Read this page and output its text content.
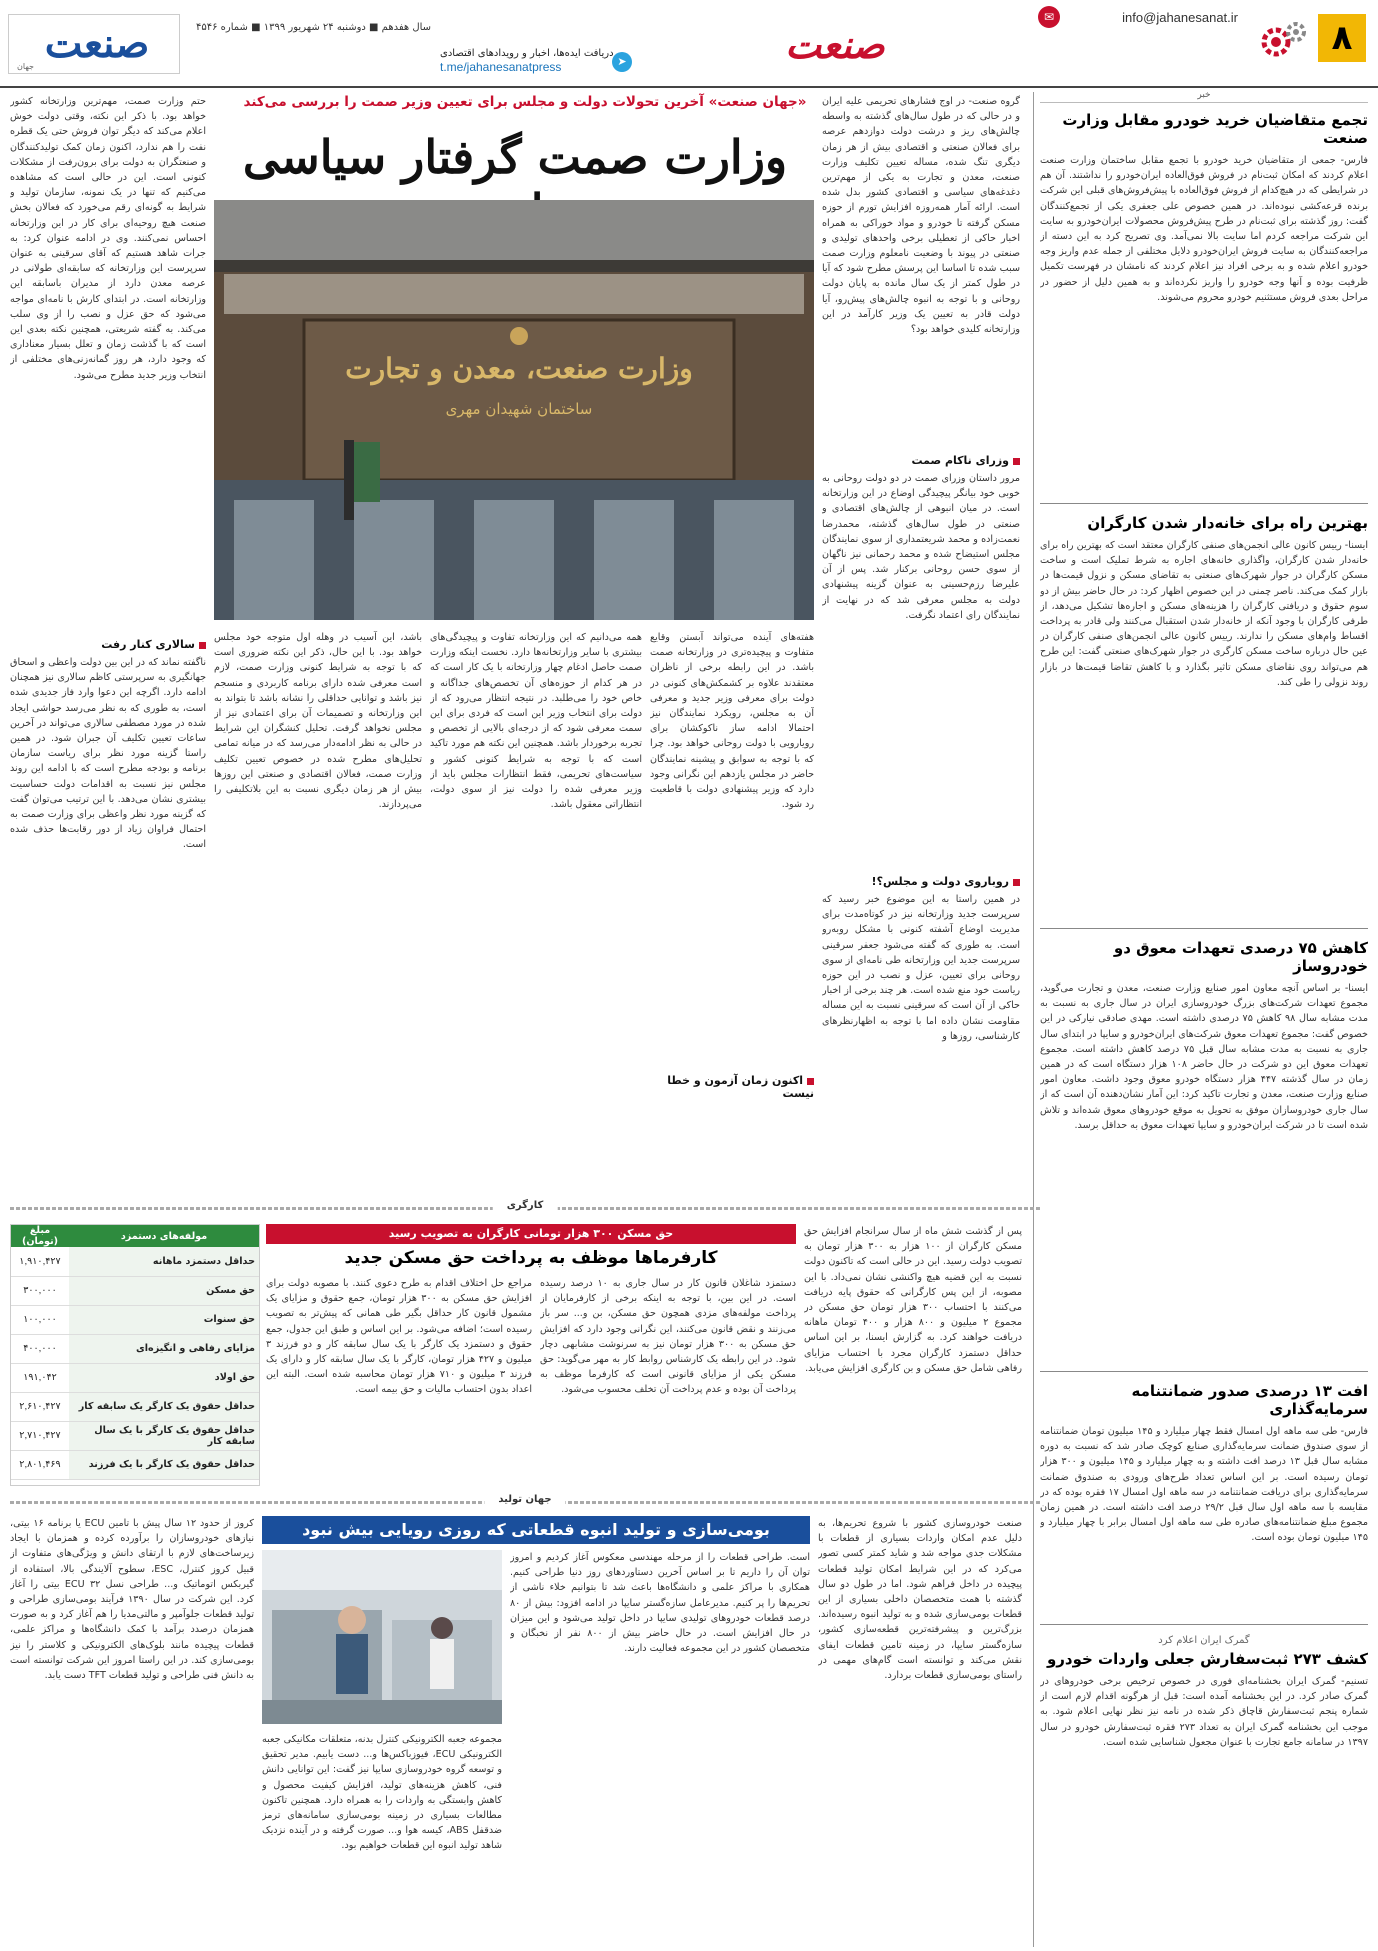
۸
✉	info@jahanesanat.ir
صنعت
➤
دریافت ایده‌ها، اخبار و رویدادهای اقتصادی
t.me/jahanesanatpress
سال هفدهم ■ دوشنبه ۲۴ شهریور ۱۳۹۹ ■ شماره ۴۵۴۶
صنعت
جهان
خبر
تجمع متقاضیان خرید خودرو مقابل وزارت صنعت
فارس- جمعی از متقاضیان خرید خودرو با تجمع مقابل ساختمان وزارت صنعت اعلام کردند که امکان ثبت‌نام در فروش فوق‌العاده ایران‌خودرو را نداشتند. آن هم در شرایطی که در هیچ‌کدام از فروش فوق‌العاده با پیش‌فروش‌های قبلی این شرکت برنده قرعه‌کشی نبوده‌اند. در همین خصوص علی جعفری یکی از تجمع‌کنندگان گفت: روز گذشته برای ثبت‌نام در طرح پیش‌فروش محصولات ایران‌خودرو به سایت این شرکت مراجعه کردم اما سایت بالا نمی‌آمد. وی تصریح کرد به این دسته از مراجعه‌کنندگان به سایت فروش ایران‌خودرو دلایل مختلفی از جمله عدم واریز وجه خودرو اعلام شده و به برخی افراد نیز اعلام کردند که نامشان در فهرست تکمیل ظرفیت بوده و آنها وجه خودرو را واریز نکرده‌اند و به همین دلیل از حضور در مراحل بعدی فروش مستثنیم خودرو محروم می‌شوند.
بهترین راه برای خانه‌دار شدن کارگران
ایسنا- رییس کانون عالی انجمن‌های صنفی کارگران معتقد است که بهترین راه برای خانه‌دار شدن کارگران، واگذاری خانه‌های اجاره به شرط تملیک است و ساخت مسکن کارگران در جوار شهرک‌های صنعتی به تقاضای مسکن و نزول قیمت‌ها در بازار کمک می‌کند. ناصر چمنی در این خصوص اظهار کرد: در حال حاضر بیش از دو سوم حقوق و دریافتی کارگران را هزینه‌های مسکن و اجاره‌ها تشکیل می‌دهد، از طرفی کارگران با وجود آنکه از خانه‌دار شدن استقبال می‌کنند ولی قادر به پرداخت اقساط وام‌های مسکن را ندارند. رییس کانون عالی انجمن‌های صنفی کارگران در عین حال درباره ساخت مسکن کارگری در جوار شهرک‌های صنعتی گفت: این طرح هم می‌تواند روی نقاضای مسکن تاثیر بگذارد و با کاهش تقاضا قیمت‌ها در بازار روند نزولی را طی کند.
کاهش ۷۵ درصدی تعهدات معوق دو خودروساز
ایسنا- بر اساس آنچه معاون امور صنایع وزارت صنعت، معدن و تجارت می‌گوید، مجموع تعهدات شرکت‌های بزرگ خودروسازی ایران در سال جاری به نسبت به مدت مشابه سال ۹۸ کاهش ۷۵ درصدی داشته است. مهدی صادقی نیارکی در این خصوص گفت: مجموع تعهدات معوق شرکت‌های ایران‌خودرو و سایپا در ابتدای سال جاری به نسبت به مدت مشابه سال قبل ۷۵ درصد کاهش داشته است. مجموع تعهدات معوق این دو شرکت در حال حاضر ۱۰۸ هزار دستگاه است که در همین زمان در سال گذشته ۴۴۷ هزار دستگاه خودرو معوق وجود داشت. معاون امور صنایع وزارت صنعت، معدن و تجارت تاکید کرد: این آمار نشان‌دهنده آن است که از سال جاری خودروسازان موفق به تحویل به موقع خودروهای معوق شده‌اند و تلاش شده است تا در شرکت ایران‌خودرو و سایپا تعهدات معوق به حداقل برسد.
افت ۱۳ درصدی صدور ضمانتنامه سرمایه‌گذاری
فارس- طی سه ماهه اول امسال فقط چهار میلیارد و ۱۴۵ میلیون تومان ضمانتنامه از سوی صندوق ضمانت سرمایه‌گذاری صنایع کوچک صادر شد که نسبت به دوره مشابه سال قبل ۱۳ درصد افت داشته و به چهار میلیارد و ۱۴۵ میلیون و ۳۰۰ هزار تومان رسیده است. بر این اساس تعداد طرح‌های ورودی به صندوق ضمانت سرمایه‌گذاری برای دریافت ضمانتنامه در سه ماهه اول امسال ۱۷ فقره بوده که در مقایسه با سه ماهه اول سال قبل ۲۹/۲ درصد افت داشته است. در همین زمان مجموع مبلغ ضمانتنامه‌های صادره طی سه ماهه اول امسال برابر با چهار میلیارد و ۱۴۵ میلیون تومان بوده است.
گمرک ایران اعلام کرد
کشف ۲۷۳ ثبت‌سفارش جعلی واردات خودرو
تسنیم- گمرک ایران بخشنامه‌ای فوری در خصوص ترخیص برخی خودروهای در گمرک صادر کرد. در این بخشنامه آمده است: قبل از هرگونه اقدام لازم است از شماره پنجم ثبت‌سفارش قاچاق ذکر شده در نامه نیز نظر نهایی اعلام شود. به موجب این بخشنامه گمرک ایران به تعداد ۲۷۳ فقره ثبت‌سفارش خودرو در سال ۱۳۹۷ در سامانه جامع تجارت با عنوان مجعول شناسایی شده است.
«جهان صنعت» آخرین تحولات دولت و مجلس برای تعیین وزیر صمت را بررسی می‌کند
وزارت صمت گرفتار سیاسی
گروه صنعت- در اوج فشارهای تحریمی علیه ایران و در حالی که در طول سال‌های گذشته به واسطه چالش‌های ریز و درشت دولت دوازدهم عرصه برای فعالان صنعتی و اقتصادی بیش از هر زمان دیگری تنگ شده، مساله تعیین تکلیف وزارت صنعت، معدن و تجارت به یکی از مهم‌ترین دغدغه‌های سیاسی و اقتصادی کشور بدل شده است. ارائه آمار همه‌روزه افزایش تورم از حوزه مسکن گرفته تا خودرو و مواد خوراکی به همراه اخبار حاکی از تعطیلی برخی واحدهای تولیدی و صنعتی در پیوند با وضعیت نامعلوم وزارت صمت سبب شده تا اساسا این پرسش مطرح شود که آیا در طول کمتر از یک سال مانده به پایان دولت روحانی و با توجه به انبوه چالش‌های پیش‌رو، آیا دولت قادر به تعیین یک وزیر کارآمد در این وزارتخانه کلیدی خواهد بود؟
وزرای ناکام صمت
مرور داستان وزرای صمت در دو دولت روحانی به خوبی خود بیانگر پیچیدگی اوضاع در این وزارتخانه است. در میان انبوهی از چالش‌های اقتصادی و صنعتی در طول سال‌های گذشته، محمدرضا نعمت‌زاده و محمد شریعتمداری از سوی نمایندگان مجلس استیضاح شده و محمد رحمانی نیز ناگهان از سوی حسن روحانی برکنار شد. پس از آن علیرضا رزم‌حسینی به عنوان گزینه پیشنهادی دولت به مجلس معرفی شد که در نهایت از نمایندگان رای اعتماد نگرفت.
روباروی دولت و مجلس؟!
در همین راستا به این موضوع خبر رسید که سرپرست جدید وزارتخانه نیز در کوتاه‌مدت برای مدیریت اوضاع آشفته کنونی با مشکل روبه‌رو است. به طوری که گفته می‌شود جعفر سرقینی سرپرست جدید این وزارتخانه طی نامه‌ای از سوی روحانی برای تعیین، عزل و نصب در این حوزه ریاست خود منع شده است. هر چند برخی از اخبار حاکی از آن است که سرقینی نسبت به این مساله مقاومت نشان داده اما با توجه به اظهارنظرهای کارشناسی، روزها و
وزارت صنعت، معدن و تجارت
ساختمان شهیدان مهری
حتم وزارت صمت، مهم‌ترین وزارتخانه کشور خواهد بود. با ذکر این نکته، وقتی دولت خوش اعلام می‌کند که دیگر توان فروش حتی یک قطره نفت را هم ندارد، اکنون زمان کمک تولیدکنندگان و صنعتگران به دولت برای برون‌رفت از مشکلات کنونی است. این در حالی است که مشاهده می‌کنیم که تنها در یک نمونه، سازمان تولید و شرایط به گونه‌ای رقم می‌خورد که فعالان بخش صنعت هیچ روحیه‌ای برای کار در این وزارتخانه احساس نمی‌کنند. وی در ادامه عنوان کرد: به جرات شاهد هستیم که آقای سرقینی به عنوان سرپرست این وزارتخانه که سابقه‌ای طولانی در عرصه معدن دارد از مدیران باسابقه این وزارتخانه است. در ابتدای کارش با نامه‌ای مواجه می‌شود که حق عزل و نصب را از وی سلب می‌کند. به گفته شریعتی، همچنین نکته بعدی این است که با گذشت زمان و تعلل بسیار معناداری که وجود دارد، هر روز گمانه‌زنی‌های مختلفی از انتخاب وزیر جدید مطرح می‌شود.
سالاری کنار رفت
ناگفته نماند که در این بین دولت واعظی و اسحاق جهانگیری به سرپرستی کاظم سالاری نیز همچنان ادامه دارد. اگرچه این دعوا وارد فاز جدیدی شده است، به طوری که به نظر می‌رسد حواشی ایجاد شده در مورد مصطفی سالاری می‌تواند در آخرین ساعات تعیین تکلیف آن جبران شود. در همین راستا گزینه مورد نظر برای ریاست سازمان برنامه و بودجه مطرح است که با ادامه این روند مجلس نیز نسبت به اقدامات دولت حساسیت بیشتری نشان می‌دهد. با این ترتیب می‌توان گفت که گزینه مورد نظر واعظی برای وزارت صمت به احتمال فراوان زیاد از دور رقابت‌ها حذف شده است.
هفته‌های آینده می‌تواند آبستن وقایع متفاوت و پیچیده‌تری در وزارتخانه صمت باشد. در این رابطه برخی از ناظران معتقدند علاوه بر کشمکش‌های کنونی در دولت برای معرفی وزیر جدید و معرفی آن به مجلس، رویکرد نمایندگان نیز احتمالا ادامه ساز ناکوکشان برای رویارویی با دولت روحانی خواهد بود. چرا که با توجه به سوابق و پیشینه نمایندگان حاضر در مجلس یازدهم این نگرانی وجود دارد که وزیر پیشنهادی دولت با قاطعیت رد شود.
اکنون زمان آزمون و خطا نیست
همه می‌دانیم که این وزارتخانه تفاوت و پیچیدگی‌های بیشتری با سایر وزارتخانه‌ها دارد. نخست اینکه وزارت صمت حاصل ادغام چهار وزارتخانه با یک کار است که در هر کدام از حوزه‌های آن تخصص‌های جداگانه و خاص خود را می‌طلبد. در نتیجه انتظار می‌رود که از دولت برای انتخاب وزیر این است که فردی برای این سمت معرفی شود که از درجه‌ای بالایی از تخصص و تجربه برخوردار باشد. همچنین این نکته هم مورد تاکید است که با توجه به شرایط کنونی کشور و سیاست‌های تحریمی، فقط انتظارات مجلس باید از وزیر معرفی شده را دولت نیز از سوی دولت، انتظاراتی معقول باشد.
باشد، این آسیب در وهله اول متوجه خود مجلس خواهد بود. با این حال، ذکر این نکته ضروری است که با توجه به شرایط کنونی وزارت صمت، لازم است معرفی شده دارای برنامه کاربردی و منسجم نیز باشد و توانایی حداقلی را نشانه باشد تا بتواند به این وزارتخانه و تصمیمات آن برای اعتمادی نیز از مجلس نخواهد گرفت. تحلیل کنشگران این شرایط در حالی به نظر ادامه‌دار می‌رسد که در میانه تمامی تحلیل‌های مطرح شده در خصوص تعیین تکلیف وزارت صمت، فعالان اقتصادی و صنعتی این روزها بیش از هر زمان دیگری نسبت به این بلاتکلیفی را می‌پردازند.
کارگری
حق مسکن ۳۰۰ هزار تومانی کارگران به تصویب رسید
کارفرماها موظف به پرداخت حق مسکن جدید
پس از گذشت شش ماه از سال سرانجام افزایش حق مسکن کارگران از ۱۰۰ هزار به ۳۰۰ هزار تومان به تصویب دولت رسید. این در حالی است که تاکنون دولت نسبت به این قضیه هیچ واکنشی نشان نمی‌داد. با این مصوبه، از این پس کارگرانی که حقوق پایه دریافت می‌کنند با احتساب ۳۰۰ هزار تومان حق مسکن در مجموع ۲ میلیون و ۸۰۰ هزار و ۴۰۰ تومان ماهانه دریافت خواهند کرد. به گزارش ایسنا، بر این اساس حداقل دستمزد کارگران مجرد با احتساب مزایای رفاهی شامل حق مسکن و بن کارگری افزایش می‌یابد.
دستمزد شاغلان قانون کار در سال جاری به ۱۰ درصد رسیده است. در این بین، با توجه به اینکه برخی از کارفرمایان از پرداخت مولفه‌های مزدی همچون حق مسکن، بن و... سر باز می‌زنند و نقض قانون می‌کنند، این نگرانی وجود دارد که افزایش حق مسکن به ۳۰۰ هزار تومان نیز به سرنوشت مشابهی دچار شود. در این رابطه یک کارشناس روابط کار به مهر می‌گوید: حق مسکن یکی از مزایای قانونی است که کارفرما موظف به پرداخت آن بوده و عدم پرداخت آن تخلف محسوب می‌شود.
مراجع حل اختلاف اقدام به طرح دعوی کنند. با مصوبه دولت برای افزایش حق مسکن به ۳۰۰ هزار تومان، جمع حقوق و مزایای یک مشمول قانون کار حداقل بگیر طی همانی که پیش‌تر به تصویب رسیده است؛ اضافه می‌شود. بر این اساس و طبق این جدول، جمع حقوق و دستمزد یک کارگر با یک سال سابقه کار و دو فرزند ۳ میلیون و ۴۲۷ هزار تومان، کارگر با یک سال سابقه کار و دارای یک فرزند ۳ میلیون و ۷۱۰ هزار تومان محاسبه شده است. البته این اعداد بدون احتساب مالیات و حق بیمه است.
مولفه‌های دستمزد	مبلغ (تومان)
حداقل دستمزد ماهانه	۱,۹۱۰,۴۲۷
حق مسکن	۳۰۰,۰۰۰
حق سنوات	۱۰۰,۰۰۰
مزایای رفاهی و انگیزه‌ای	۴۰۰,۰۰۰
حق اولاد	۱۹۱,۰۴۲
حداقل حقوق یک کارگر یک سابقه کار	۲,۶۱۰,۴۲۷
حداقل حقوق یک کارگر با یک سال سابقه کار	۲,۷۱۰,۴۲۷
حداقل حقوق یک کارگر با یک فرزند	۲,۸۰۱,۴۶۹
جهان تولید
بومی‌سازی و تولید انبوه قطعاتی که روزی رویایی بیش نبود	صنعت خودروسازی کشور با شروع تحریم‌ها، به دلیل عدم امکان واردات بسیاری از قطعات با مشکلات جدی مواجه شد و شاید کمتر کسی تصور می‌کرد که در این شرایط امکان تولید قطعات پیچیده در داخل فراهم شود. اما در طول دو سال گذشته با همت متخصصان داخلی بسیاری از این قطعات بومی‌سازی شده و به تولید انبوه رسیده‌اند. بزرگ‌ترین و پیشرفته‌ترین قطعه‌سازی کشور، سازه‌گستر سایپا، در زمینه تامین قطعات ایفای نقش می‌کند و توانسته است گام‌های مهمی در راستای بومی‌سازی قطعات بردارد.
است. طراحی قطعات را از مرحله مهندسی معکوس آغاز کردیم و امروز توان آن را داریم تا بر اساس آخرین دستاوردهای روز دنیا طراحی کنیم. همکاری با مراکز علمی و دانشگاه‌ها باعث شد تا بتوانیم خلاء ناشی از تحریم‌ها را پر کنیم. مدیرعامل سازه‌گستر سایپا در ادامه افزود: بیش از ۸۰ درصد قطعات خودروهای تولیدی سایپا در داخل تولید می‌شود و این میزان در حال افزایش است. در حال حاضر بیش از ۸۰۰ نفر از نخبگان و متخصصان کشور در این مجموعه فعالیت دارند.
مجموعه جعبه الکترونیکی کنترل بدنه، متعلقات مکانیکی جعبه الکترونیکی ECU، فیوزباکس‌ها و... دست یابیم. مدیر تحقیق و توسعه گروه خودروسازی سایپا نیز گفت: این توانایی دانش فنی، کاهش هزینه‌های تولید، افزایش کیفیت محصول و کاهش وابستگی به واردات را به همراه دارد. همچنین تاکنون مطالعات بسیاری در زمینه بومی‌سازی سامانه‌های ترمز ضدقفل ABS، کیسه هوا و... صورت گرفته و در آینده نزدیک شاهد تولید انبوه این قطعات خواهیم بود.
کروز از حدود ۱۲ سال پیش با تامین ECU یا برنامه ۱۶ بیتی، نیازهای خودروسازان را برآورده کرده و همزمان با ایجاد زیرساخت‌های لازم با ارتقای دانش و ویژگی‌های متفاوت از قبیل کروز کنترل، ESC، سطوح آلایندگی بالا، استفاده از گیربکس اتوماتیک و... طراحی نسل ECU ۳۲ بیتی را آغاز کرد. این شرکت در سال ۱۳۹۰ فرآیند بومی‌سازی طراحی و تولید قطعات جلوآمپر و مالتی‌مدیا را هم آغاز کرد و به صورت همزمان درصدد برآمد با کمک دانشگاه‌ها و مراکز علمی، قطعات پیچیده مانند بلوک‌های الکترونیکی و کلاستر را نیز بومی‌سازی کند. در این راستا امروز این شرکت توانسته است به دانش فنی طراحی و تولید قطعات TFT دست یابد.
